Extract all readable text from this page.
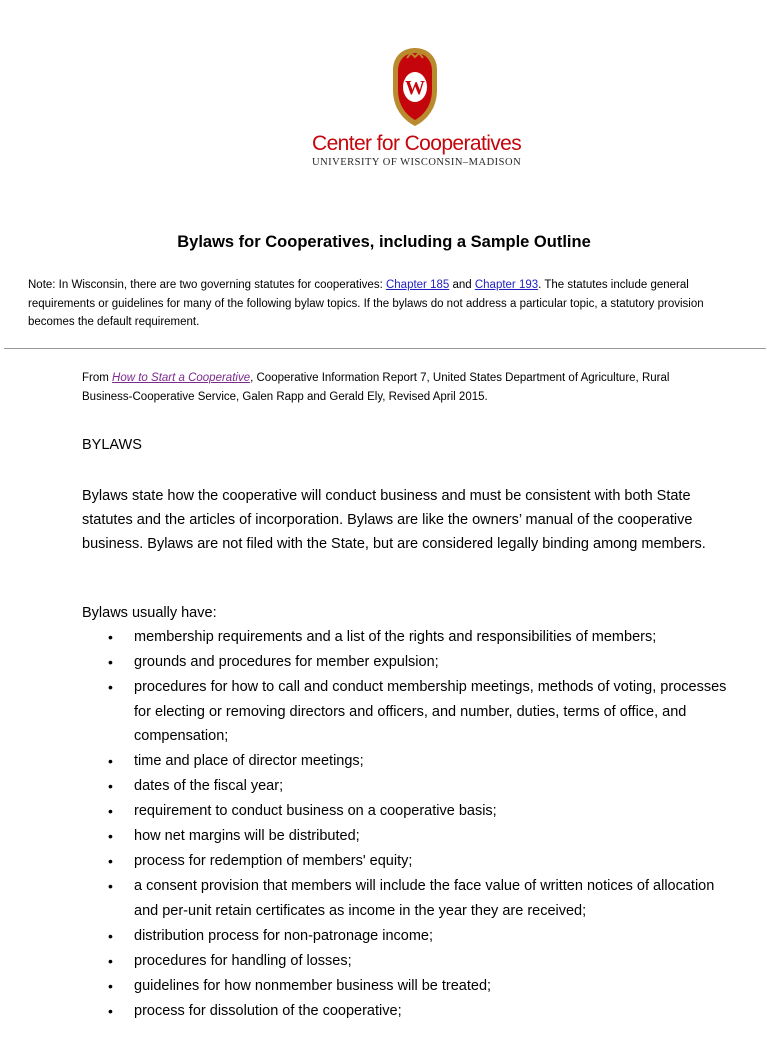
W
Center for Cooperatives
UNIVERSITY OF WISCONSIN–MADISON
Bylaws for Cooperatives, including a Sample Outline
Note: In Wisconsin, there are two governing statutes for cooperatives: Chapter 185 and Chapter 193. The statutes include general requirements or guidelines for many of the following bylaw topics. If the bylaws do not address a particular topic, a statutory provision becomes the default requirement.
From How to Start a Cooperative, Cooperative Information Report 7, United States Department of Agriculture, Rural Business-Cooperative Service, Galen Rapp and Gerald Ely, Revised April 2015.
BYLAWS
Bylaws state how the cooperative will conduct business and must be consistent with both State statutes and the articles of incorporation. Bylaws are like the owners’ manual of the cooperative business. Bylaws are not filed with the State, but are considered legally binding among members.
Bylaws usually have:
• membership requirements and a list of the rights and responsibilities of members;
• grounds and procedures for member expulsion;
• procedures for how to call and conduct membership meetings, methods of voting, processes for electing or removing directors and officers, and number, duties, terms of office, and compensation;
• time and place of director meetings;
• dates of the fiscal year;
• requirement to conduct business on a cooperative basis;
• how net margins will be distributed;
• process for redemption of members' equity;
• a consent provision that members will include the face value of written notices of allocation and per-unit retain certificates as income in the year they are received;
• distribution process for non-patronage income;
• procedures for handling of losses;
• guidelines for how nonmember business will be treated;
• process for dissolution of the cooperative;
